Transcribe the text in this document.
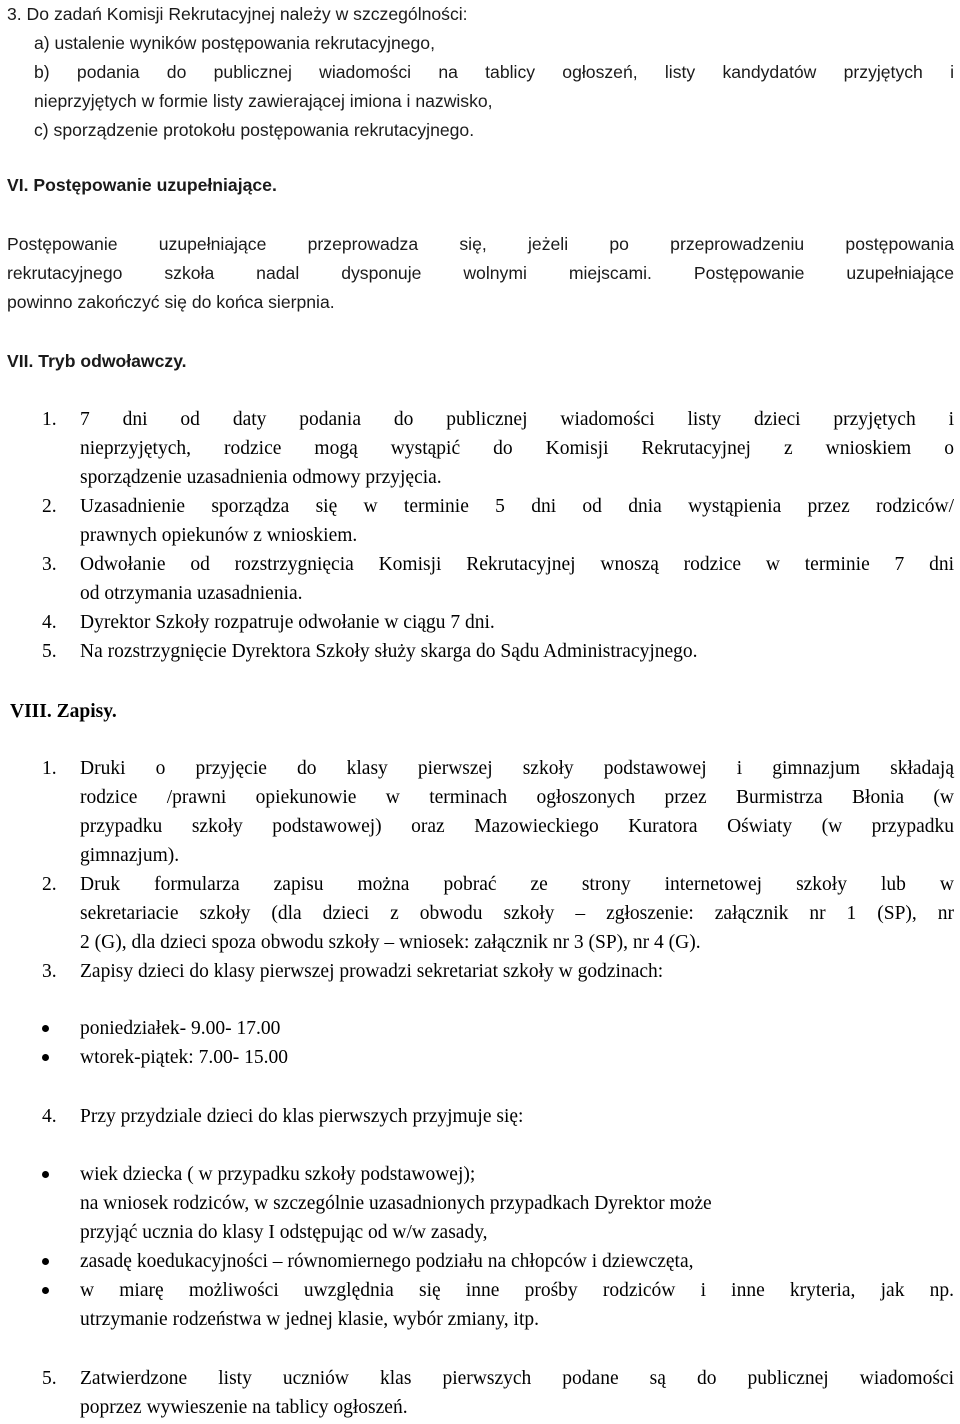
3. Do zadań Komisji Rekrutacyjnej należy w szczególności:
a) ustalenie wyników postępowania rekrutacyjnego,
b) podania do publicznej wiadomości na tablicy ogłoszeń, listy kandydatów przyjętych i
nieprzyjętych w formie listy zawierającej imiona i nazwisko,
c) sporządzenie protokołu postępowania rekrutacyjnego.
VI. Postępowanie uzupełniające.
Postępowanie uzupełniające przeprowadza się, jeżeli po przeprowadzeniu postępowania
rekrutacyjnego szkoła nadal dysponuje wolnymi miejscami. Postępowanie uzupełniające
powinno zakończyć się do końca sierpnia.
VII. Tryb odwoławczy.
1. 7 dni od daty podania do publicznej wiadomości listy dzieci przyjętych i
nieprzyjętych, rodzice mogą wystąpić do Komisji Rekrutacyjnej z wnioskiem o
sporządzenie uzasadnienia odmowy przyjęcia.
2. Uzasadnienie sporządza się w terminie 5 dni od dnia wystąpienia przez rodziców/
prawnych opiekunów z wnioskiem.
3. Odwołanie od rozstrzygnięcia Komisji Rekrutacyjnej wnoszą rodzice w terminie 7 dni
od otrzymania uzasadnienia.
4. Dyrektor Szkoły rozpatruje odwołanie w ciągu 7 dni.
5. Na rozstrzygnięcie Dyrektora Szkoły służy skarga do Sądu Administracyjnego.
VIII. Zapisy.
1. Druki o przyjęcie do klasy pierwszej szkoły podstawowej i gimnazjum składają
rodzice /prawni opiekunowie w terminach ogłoszonych przez Burmistrza Błonia (w
przypadku szkoły podstawowej) oraz Mazowieckiego Kuratora Oświaty (w przypadku
gimnazjum).
2. Druk formularza zapisu można pobrać ze strony internetowej szkoły lub w
sekretariacie szkoły (dla dzieci z obwodu szkoły – zgłoszenie: załącznik nr 1 (SP), nr
2 (G), dla dzieci spoza obwodu szkoły – wniosek: załącznik nr 3 (SP), nr 4 (G).
3. Zapisy dzieci do klasy pierwszej prowadzi sekretariat szkoły w godzinach:
poniedziałek- 9.00- 17.00
wtorek-piątek: 7.00- 15.00
4. Przy przydziale dzieci do klas pierwszych przyjmuje się:
wiek dziecka ( w przypadku szkoły podstawowej);
na wniosek rodziców, w szczególnie uzasadnionych przypadkach Dyrektor może
przyjąć ucznia do klasy I odstępując od w/w zasady,
zasadę koedukacyjności – równomiernego podziału na chłopców i dziewczęta,
w miarę możliwości uwzględnia się inne prośby rodziców i inne kryteria, jak np.
utrzymanie rodzeństwa w jednej klasie, wybór zmiany, itp.
5. Zatwierdzone listy uczniów klas pierwszych podane są do publicznej wiadomości
poprzez wywieszenie na tablicy ogłoszeń.
